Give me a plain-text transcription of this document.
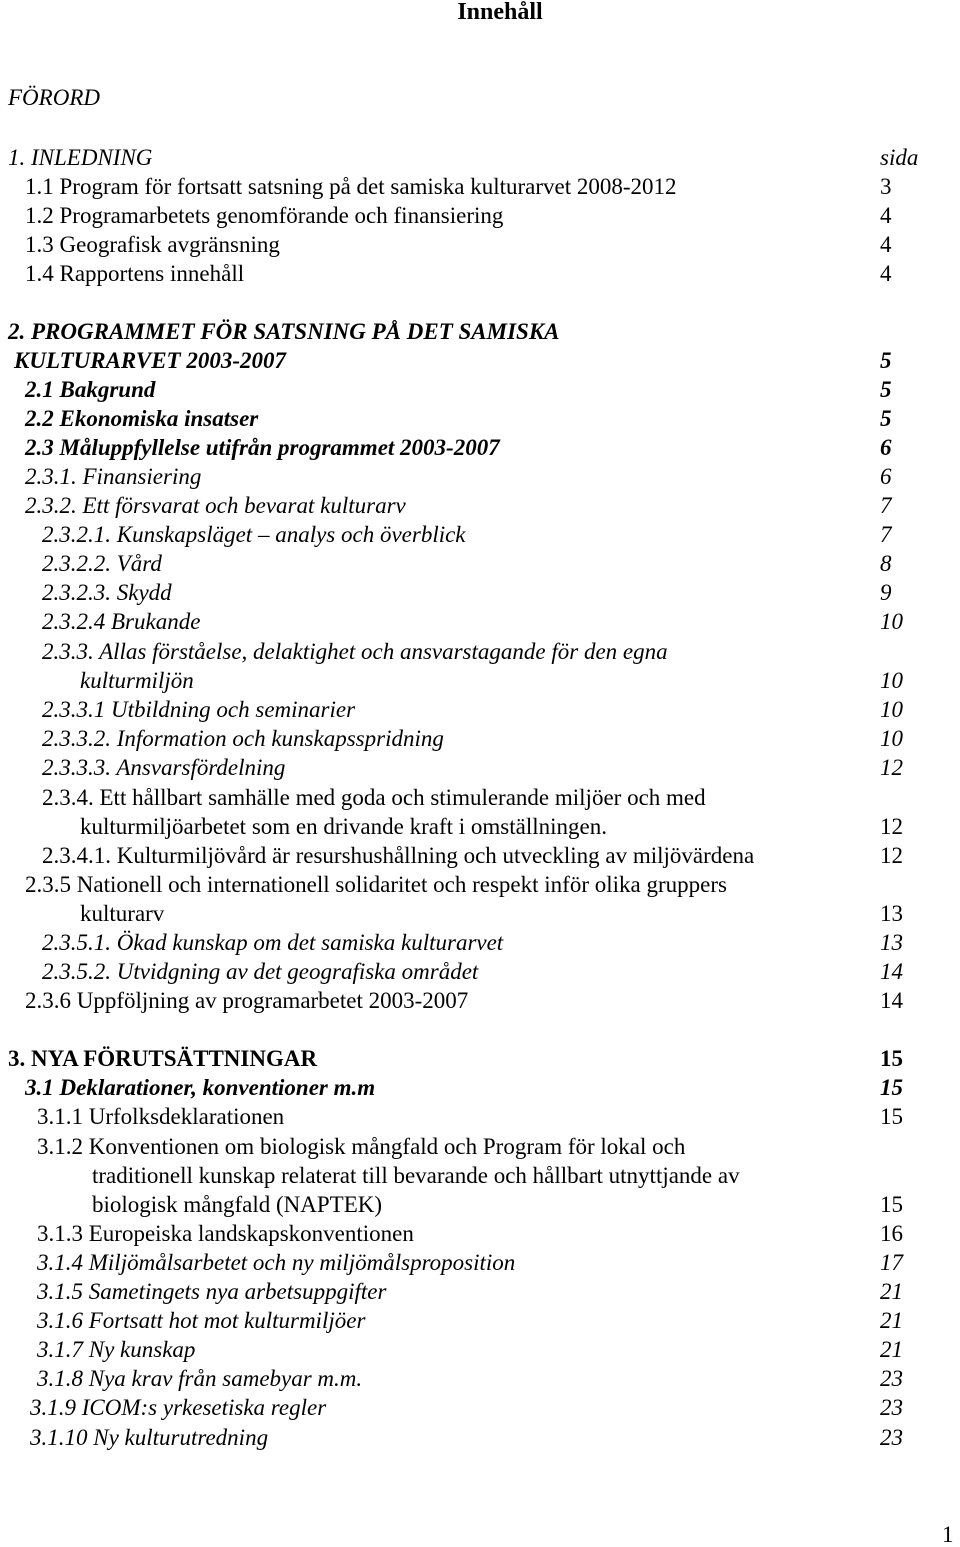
Innehåll
FÖRORD
sida
1. INLEDNING
1.1 Program för fortsatt satsning på det samiska kulturarvet 2008-2012	3
1.2 Programarbetets genomförande och finansiering	4
1.3 Geografisk avgränsning	4
1.4 Rapportens innehåll	4
2. PROGRAMMET FÖR SATSNING PÅ DET SAMISKA
KULTURARVET 2003-2007	5
2.1 Bakgrund	5
2.2 Ekonomiska insatser	5
2.3 Måluppfyllelse utifrån programmet 2003-2007	6
2.3.1. Finansiering	6
2.3.2. Ett försvarat och bevarat kulturarv	7
2.3.2.1. Kunskapsläget – analys och överblick	7
2.3.2.2. Vård	8
2.3.2.3. Skydd	9
2.3.2.4 Brukande	10
2.3.3. Allas förståelse, delaktighet och ansvarstagande för den egna
kulturmiljön	10
2.3.3.1 Utbildning och seminarier	10
2.3.3.2. Information och kunskapsspridning	10
2.3.3.3. Ansvarsfördelning	12
2.3.4. Ett hållbart samhälle med goda och stimulerande miljöer och med
kulturmiljöarbetet som en drivande kraft i omställningen.	12
2.3.4.1. Kulturmiljövård är resurshushållning och utveckling av miljövärdena	12
2.3.5 Nationell och internationell solidaritet och respekt inför olika gruppers
kulturarv	13
2.3.5.1. Ökad kunskap om det samiska kulturarvet	13
2.3.5.2. Utvidgning av det geografiska området	14
2.3.6 Uppföljning av programarbetet 2003-2007	14
3. NYA FÖRUTSÄTTNINGAR	15
3.1 Deklarationer, konventioner m.m	15
3.1.1 Urfolksdeklarationen	15
3.1.2 Konventionen om biologisk mångfald och Program för lokal och
traditionell kunskap relaterat till bevarande och hållbart utnyttjande av
biologisk mångfald (NAPTEK)	15
3.1.3 Europeiska landskapskonventionen	16
3.1.4 Miljömålsarbetet och ny miljömålsproposition	17
3.1.5 Sametingets nya arbetsuppgifter	21
3.1.6 Fortsatt hot mot kulturmiljöer	21
3.1.7 Ny kunskap	21
3.1.8 Nya krav från samebyar m.m.	23
3.1.9 ICOM:s yrkesetiska regler	23
3.1.10 Ny kulturutredning	23
1
